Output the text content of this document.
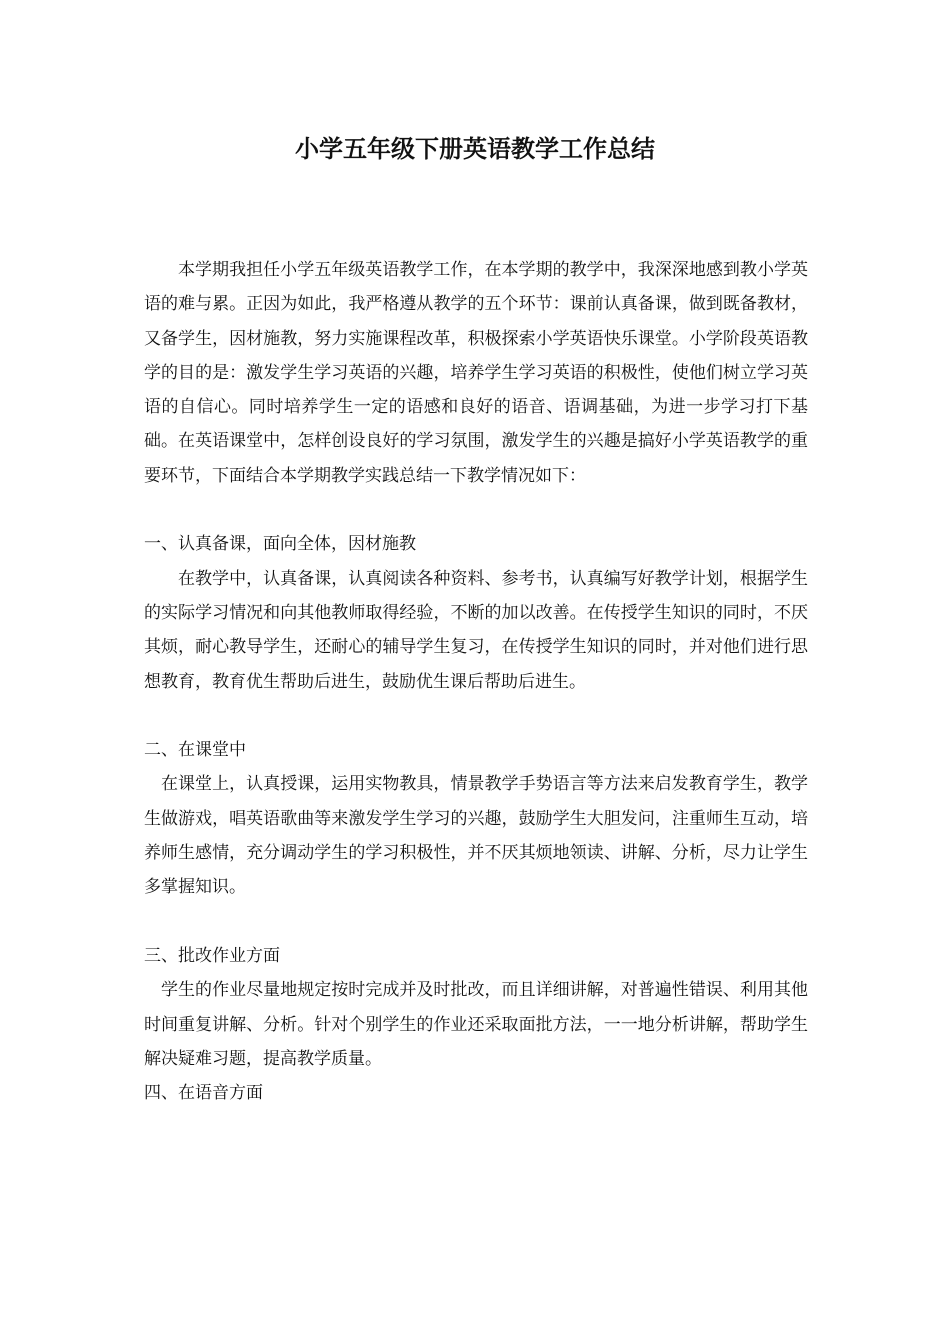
小学五年级下册英语教学工作总结

本学期我担任小学五年级英语教学工作，在本学期的教学中，我深深地感到教小学英语的难与累。正因为如此，我严格遵从教学的五个环节：课前认真备课，做到既备教材，又备学生，因材施教，努力实施课程改革，积极探索小学英语快乐课堂。小学阶段英语教学的目的是：激发学生学习英语的兴趣，培养学生学习英语的积极性，使他们树立学习英语的自信心。同时培养学生一定的语感和良好的语音、语调基础，为进一步学习打下基础。在英语课堂中，怎样创设良好的学习氛围，激发学生的兴趣是搞好小学英语教学的重要环节，下面结合本学期教学实践总结一下教学情况如下：

一、认真备课，面向全体，因材施教

在教学中，认真备课，认真阅读各种资料、参考书，认真编写好教学计划，根据学生的实际学习情况和向其他教师取得经验，不断的加以改善。在传授学生知识的同时，不厌其烦，耐心教导学生，还耐心的辅导学生复习，在传授学生知识的同时，并对他们进行思想教育，教育优生帮助后进生，鼓励优生课后帮助后进生。

二、在课堂中

在课堂上，认真授课，运用实物教具，情景教学手势语言等方法来启发教育学生，教学生做游戏，唱英语歌曲等来激发学生学习的兴趣，鼓励学生大胆发问，注重师生互动，培养师生感情，充分调动学生的学习积极性，并不厌其烦地领读、讲解、分析，尽力让学生多掌握知识。

三、批改作业方面

学生的作业尽量地规定按时完成并及时批改，而且详细讲解，对普遍性错误、利用其他时间重复讲解、分析。针对个别学生的作业还采取面批方法，一一地分析讲解，帮助学生解决疑难习题，提高教学质量。

四、在语音方面
